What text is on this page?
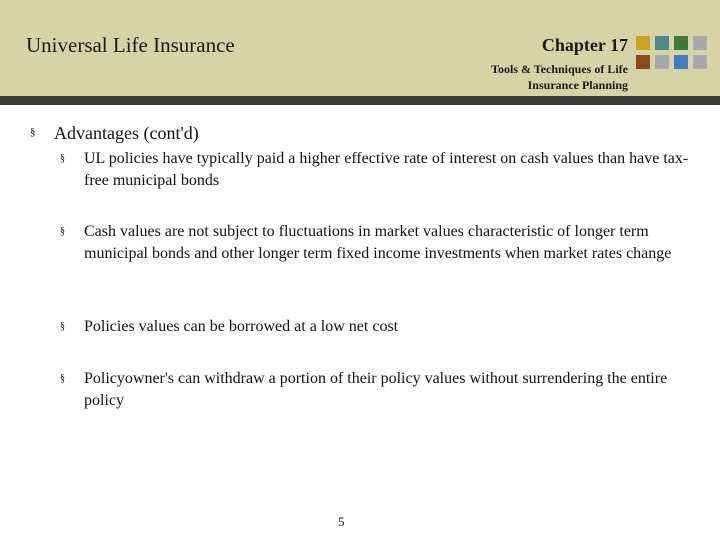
Universal Life Insurance	Chapter 17
Tools & Techniques of Life
Insurance Planning
§ Advantages (cont'd)
§ UL policies have typically paid a higher effective rate of interest on cash values than have tax-free municipal bonds
§ Cash values are not subject to fluctuations in market values characteristic of longer term municipal bonds and other longer term fixed income investments when market rates change
§ Policies values can be borrowed at a low net cost
§ Policyowner's can withdraw a portion of their policy values without surrendering the entire policy
5
